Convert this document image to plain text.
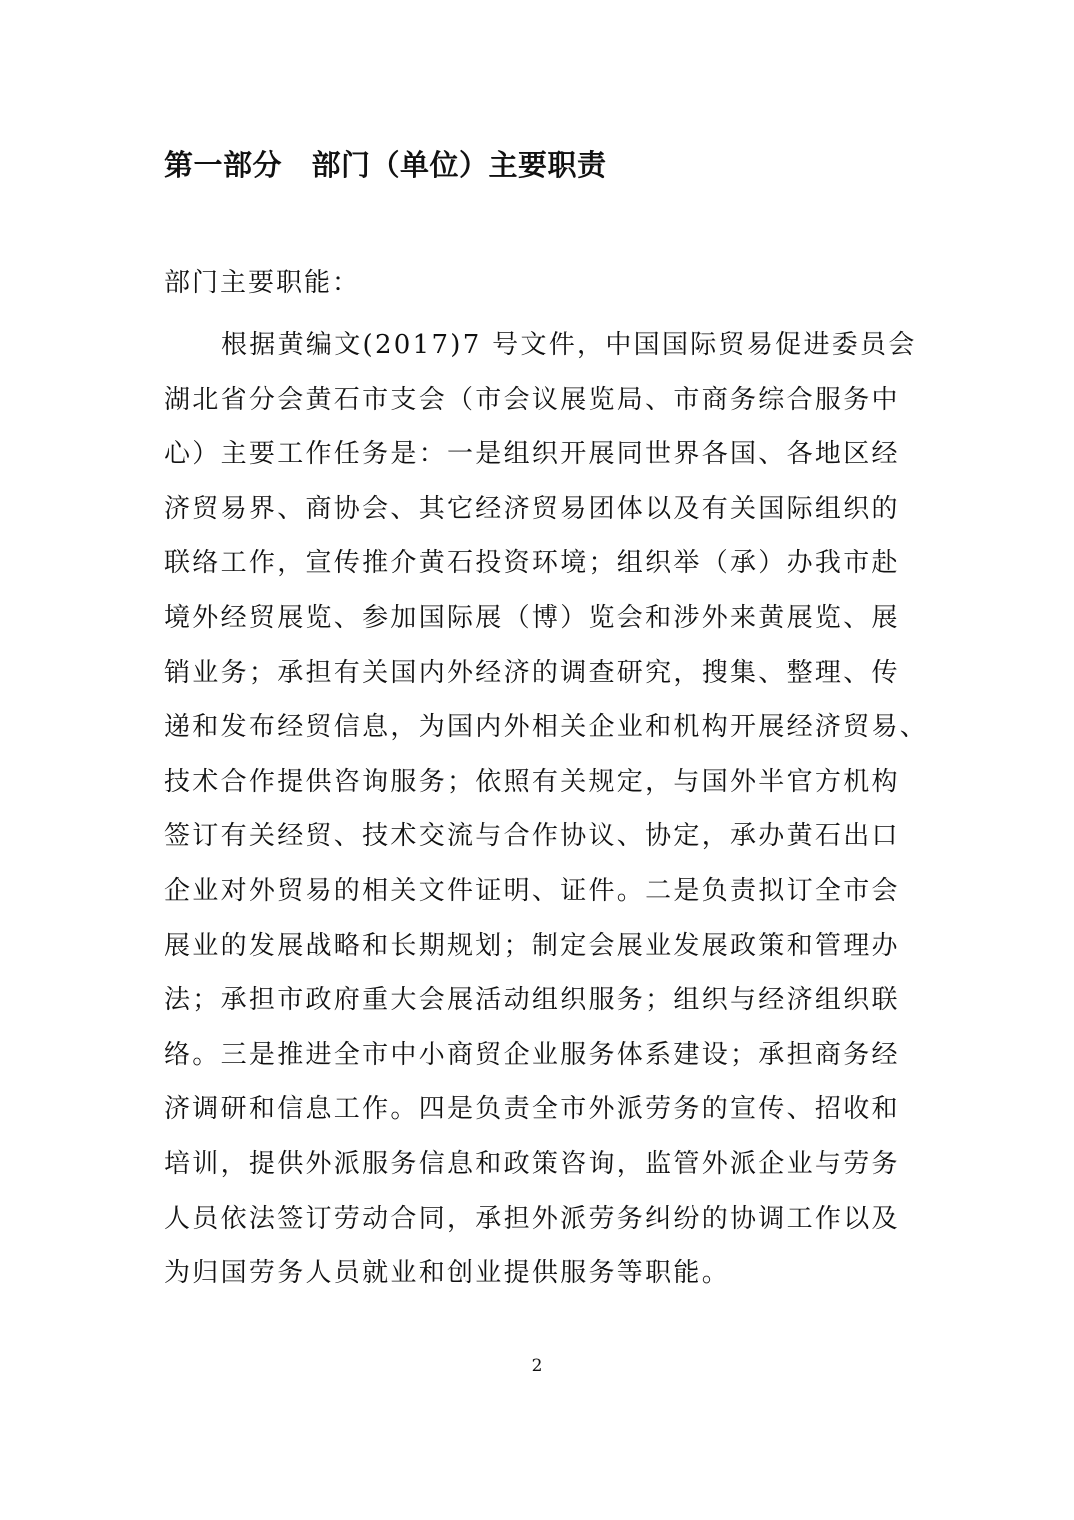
第一部分　部门（单位）主要职责

部门主要职能：

根据黄编文(2017)7 号文件，中国国际贸易促进委员会
湖北省分会黄石市支会（市会议展览局、市商务综合服务中
心）主要工作任务是：一是组织开展同世界各国、各地区经
济贸易界、商协会、其它经济贸易团体以及有关国际组织的
联络工作，宣传推介黄石投资环境；组织举（承）办我市赴
境外经贸展览、参加国际展（博）览会和涉外来黄展览、展
销业务；承担有关国内外经济的调查研究，搜集、整理、传
递和发布经贸信息，为国内外相关企业和机构开展经济贸易、
技术合作提供咨询服务；依照有关规定，与国外半官方机构
签订有关经贸、技术交流与合作协议、协定，承办黄石出口
企业对外贸易的相关文件证明、证件。二是负责拟订全市会
展业的发展战略和长期规划；制定会展业发展政策和管理办
法；承担市政府重大会展活动组织服务；组织与经济组织联
络。三是推进全市中小商贸企业服务体系建设；承担商务经
济调研和信息工作。四是负责全市外派劳务的宣传、招收和
培训，提供外派服务信息和政策咨询，监管外派企业与劳务
人员依法签订劳动合同，承担外派劳务纠纷的协调工作以及
为归国劳务人员就业和创业提供服务等职能。

2
